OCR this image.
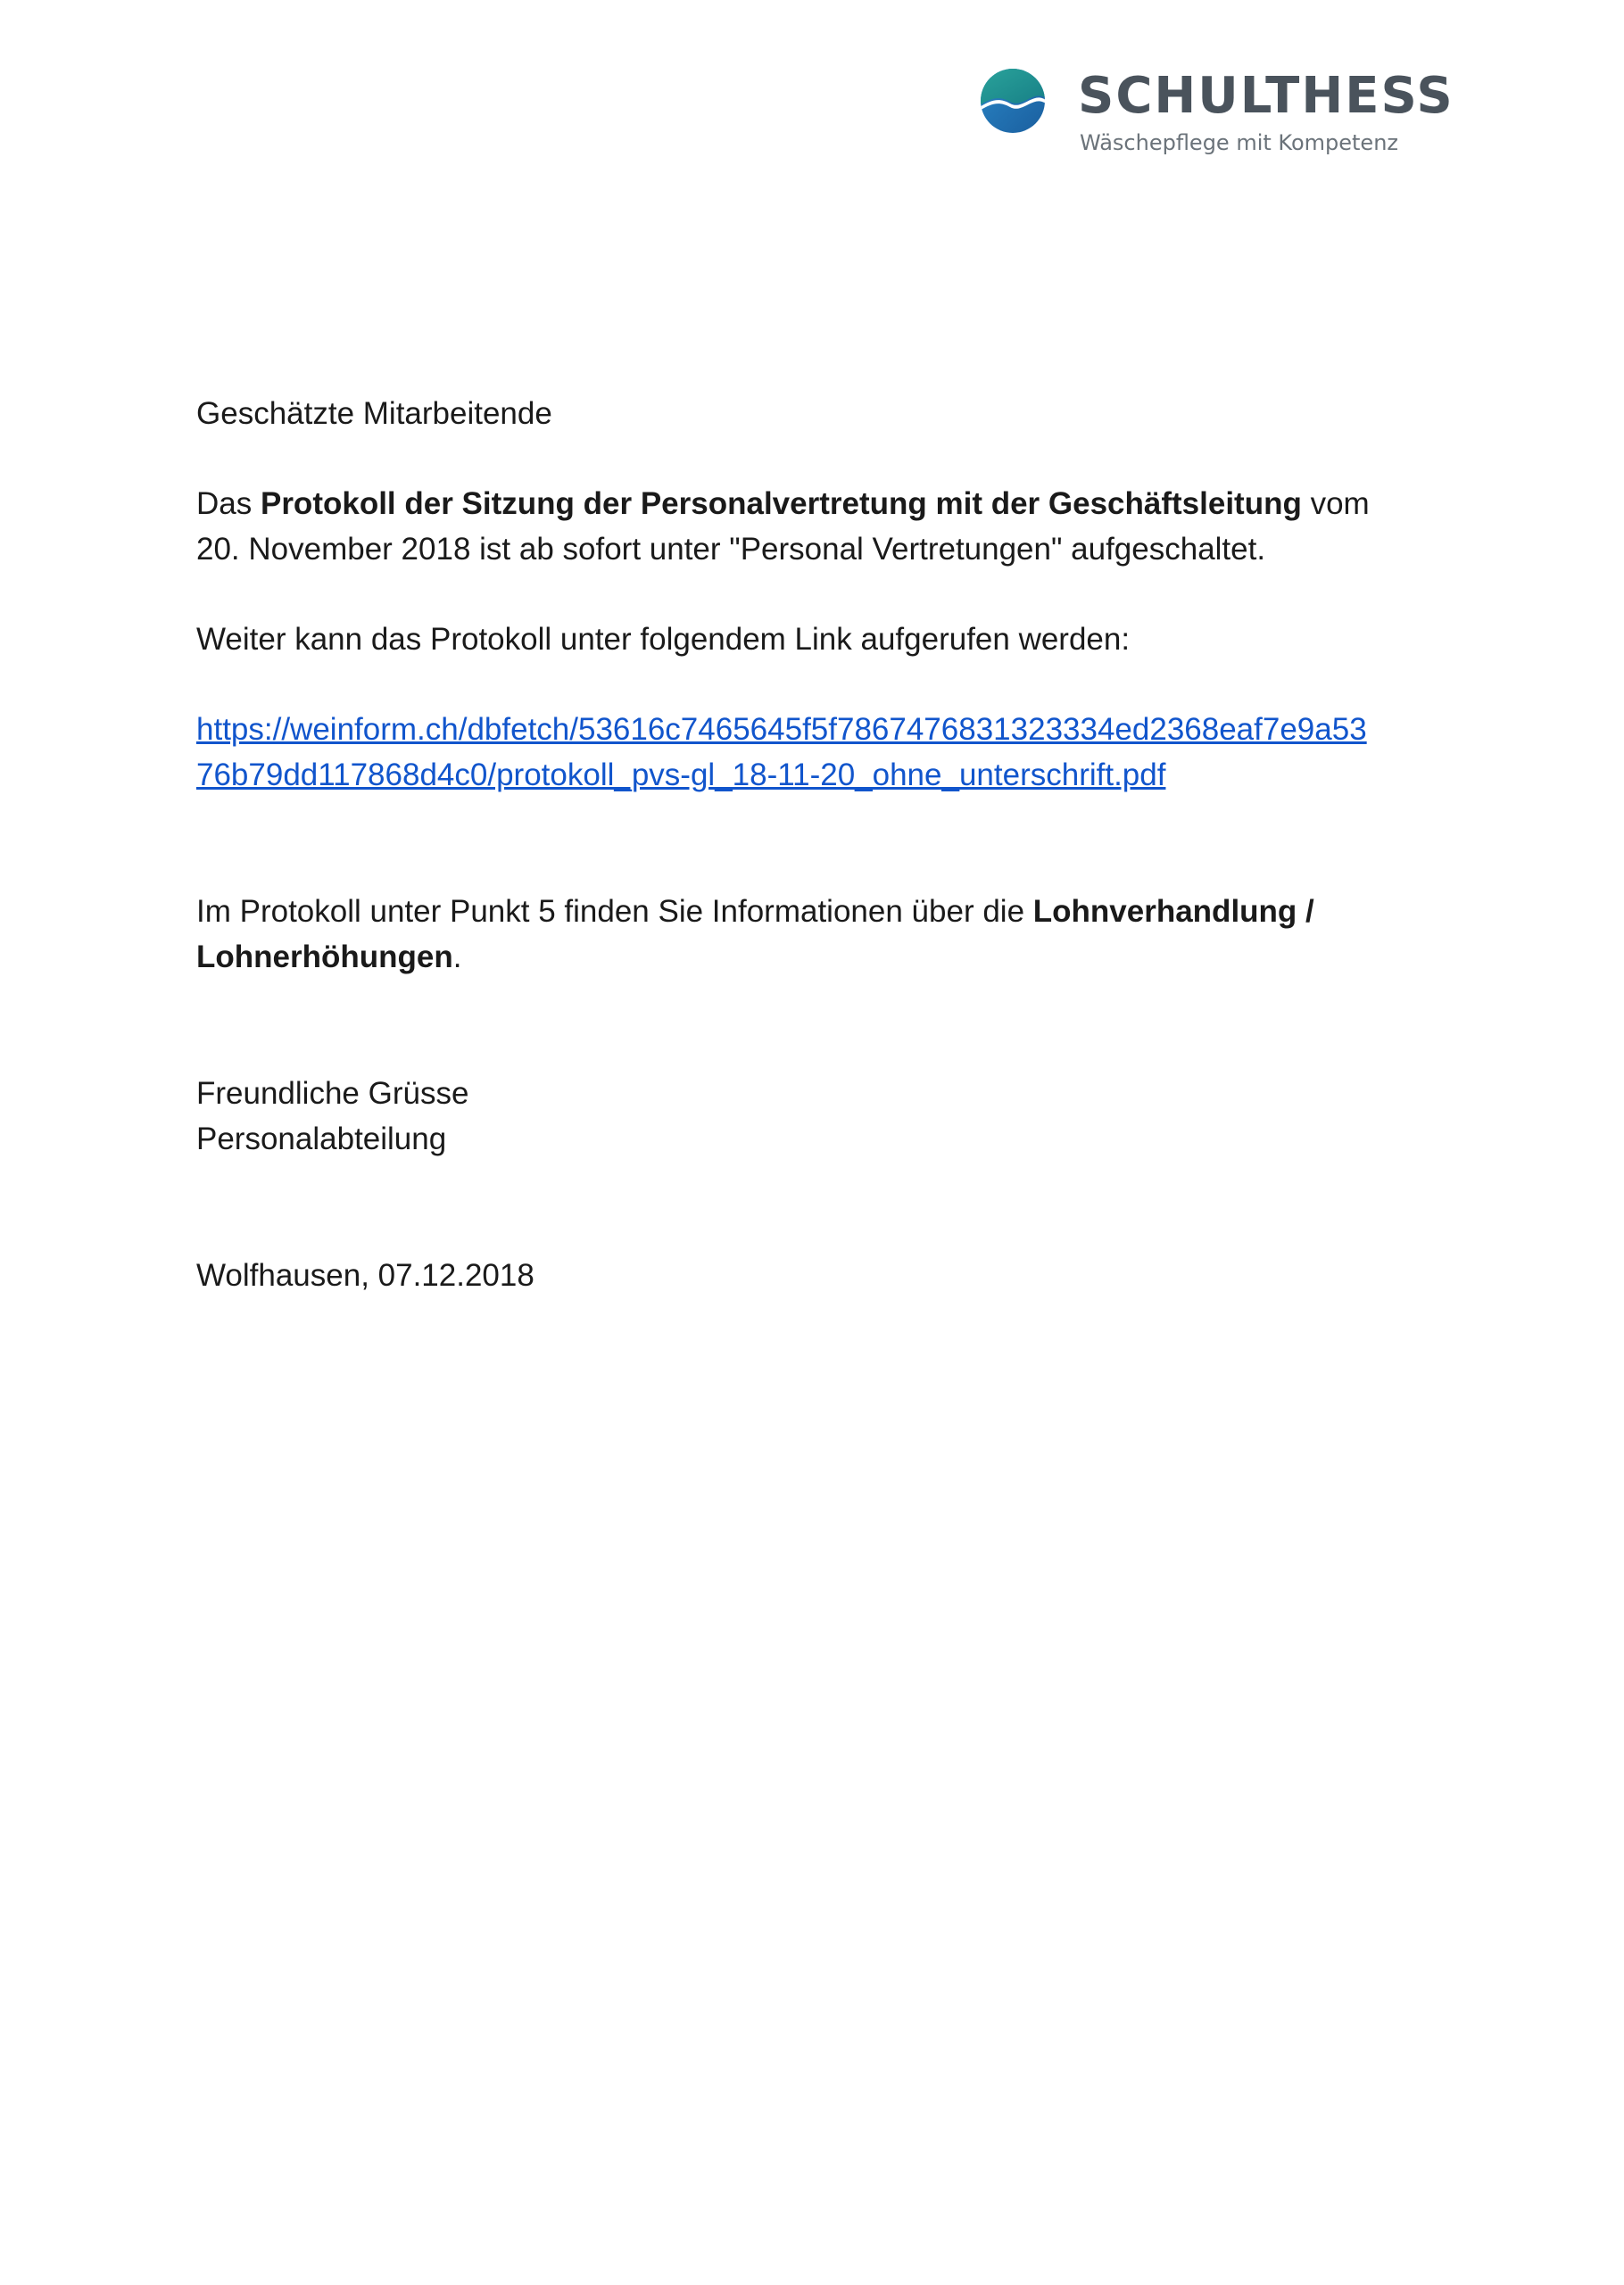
SCHULTHESS
Wäschepflege mit Kompetenz

Geschätzte Mitarbeitende

Das Protokoll der Sitzung der Personalvertretung mit der Geschäftsleitung vom
20. November 2018 ist ab sofort unter "Personal Vertretungen" aufgeschaltet.

Weiter kann das Protokoll unter folgendem Link aufgerufen werden:

https://weinform.ch/dbfetch/53616c7465645f5f7867476831323334ed2368eaf7e9a53
76b79dd117868d4c0/protokoll_pvs-gl_18-11-20_ohne_unterschrift.pdf

Im Protokoll unter Punkt 5 finden Sie Informationen über die Lohnverhandlung /
Lohnerhöhungen.

Freundliche Grüsse
Personalabteilung

Wolfhausen, 07.12.2018
